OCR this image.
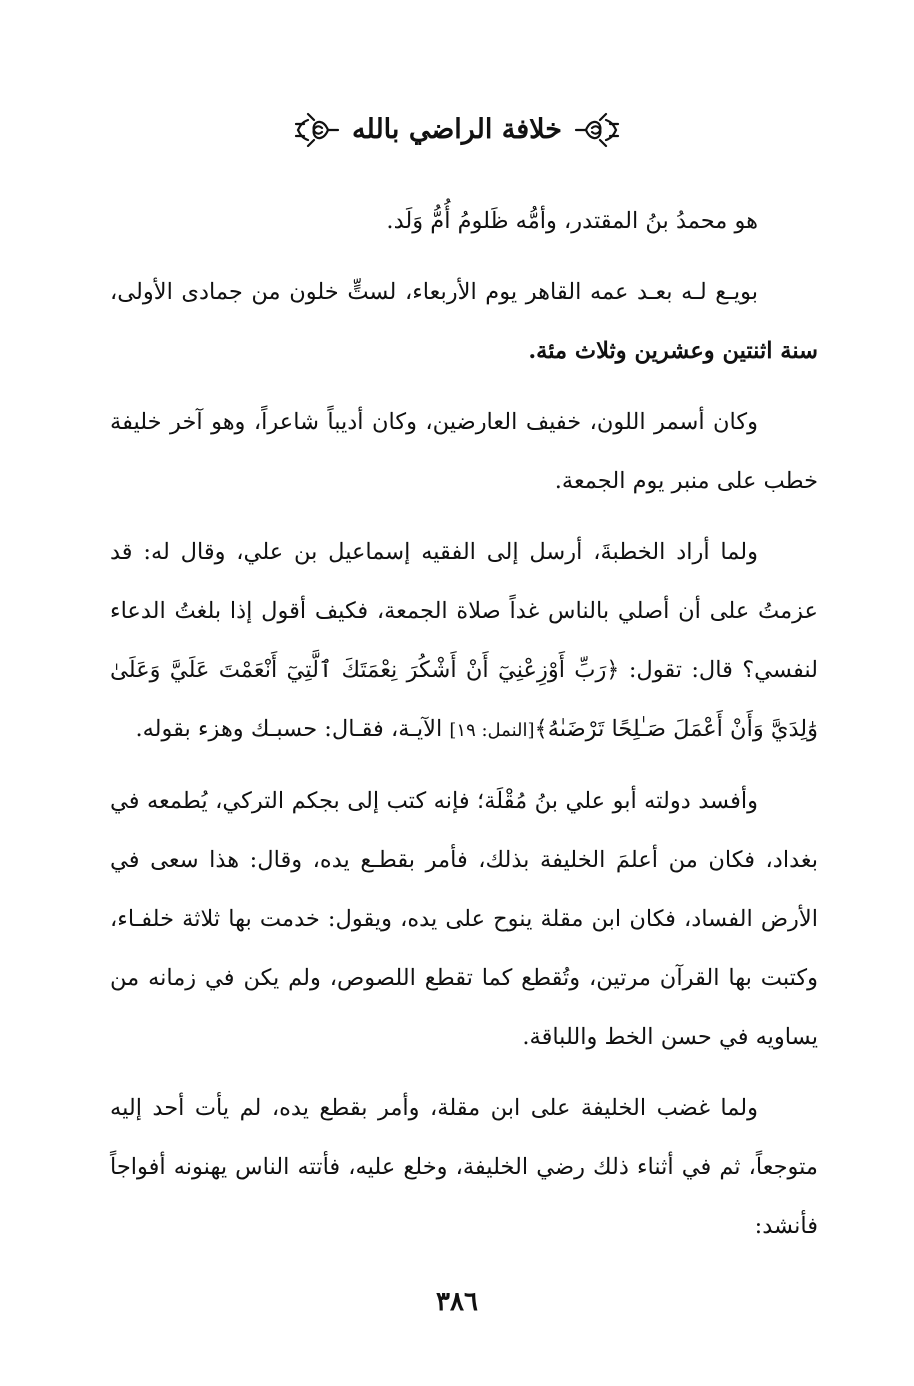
خلافة الراضي بالله

هو محمدُ بنُ المقتدر، وأمُّه ظَلومُ أُمُّ وَلَد.

بويـع لـه بعـد عمه القاهر يوم الأربعاء، لستٍّ خلون من جمادى الأولى، سنة اثنتين وعشرين وثلاث مئة.

وكان أسمر اللون، خفيف العارضين، وكان أديباً شاعراً، وهو آخر خليفة خطب على منبر يوم الجمعة.

ولما أراد الخطبةَ، أرسل إلى الفقيه إسماعيل بن علي، وقال له: قد عزمتُ على أن أصلي بالناس غداً صلاة الجمعة، فكيف أقول إذا بلغتُ الدعاء لنفسي؟ قال: تقول: ﴿رَبِّ أَوْزِعْنِيٓ أَنْ أَشْكُرَ نِعْمَتَكَ ٱلَّتِيٓ أَنْعَمْتَ عَلَيَّ وَعَلَىٰ وَٰلِدَيَّ وَأَنْ أَعْمَلَ صَـٰلِحًا تَرْضَىٰهُ﴾[النمل: ١٩] الآيـة، فقـال: حسبـك وهزء بقوله.

وأفسد دولته أبو علي بنُ مُقْلَة؛ فإنه كتب إلى بجكم التركي، يُطمعه في بغداد، فكان من أعلمَ الخليفة بذلك، فأمر بقطـع يده، وقال: هذا سعى في الأرض الفساد، فكان ابن مقلة ينوح على يده، ويقول: خدمت بها ثلاثة خلفـاء، وكتبت بها القرآن مرتين، وتُقطع كما تقطع اللصوص، ولم يكن في زمانه من يساويه في حسن الخط واللباقة.

ولما غضب الخليفة على ابن مقلة، وأمر بقطع يده، لم يأت أحد إليه متوجعاً، ثم في أثناء ذلك رضي الخليفة، وخلع عليه، فأتته الناس يهنونه أفواجاً فأنشد:

٣٨٦
